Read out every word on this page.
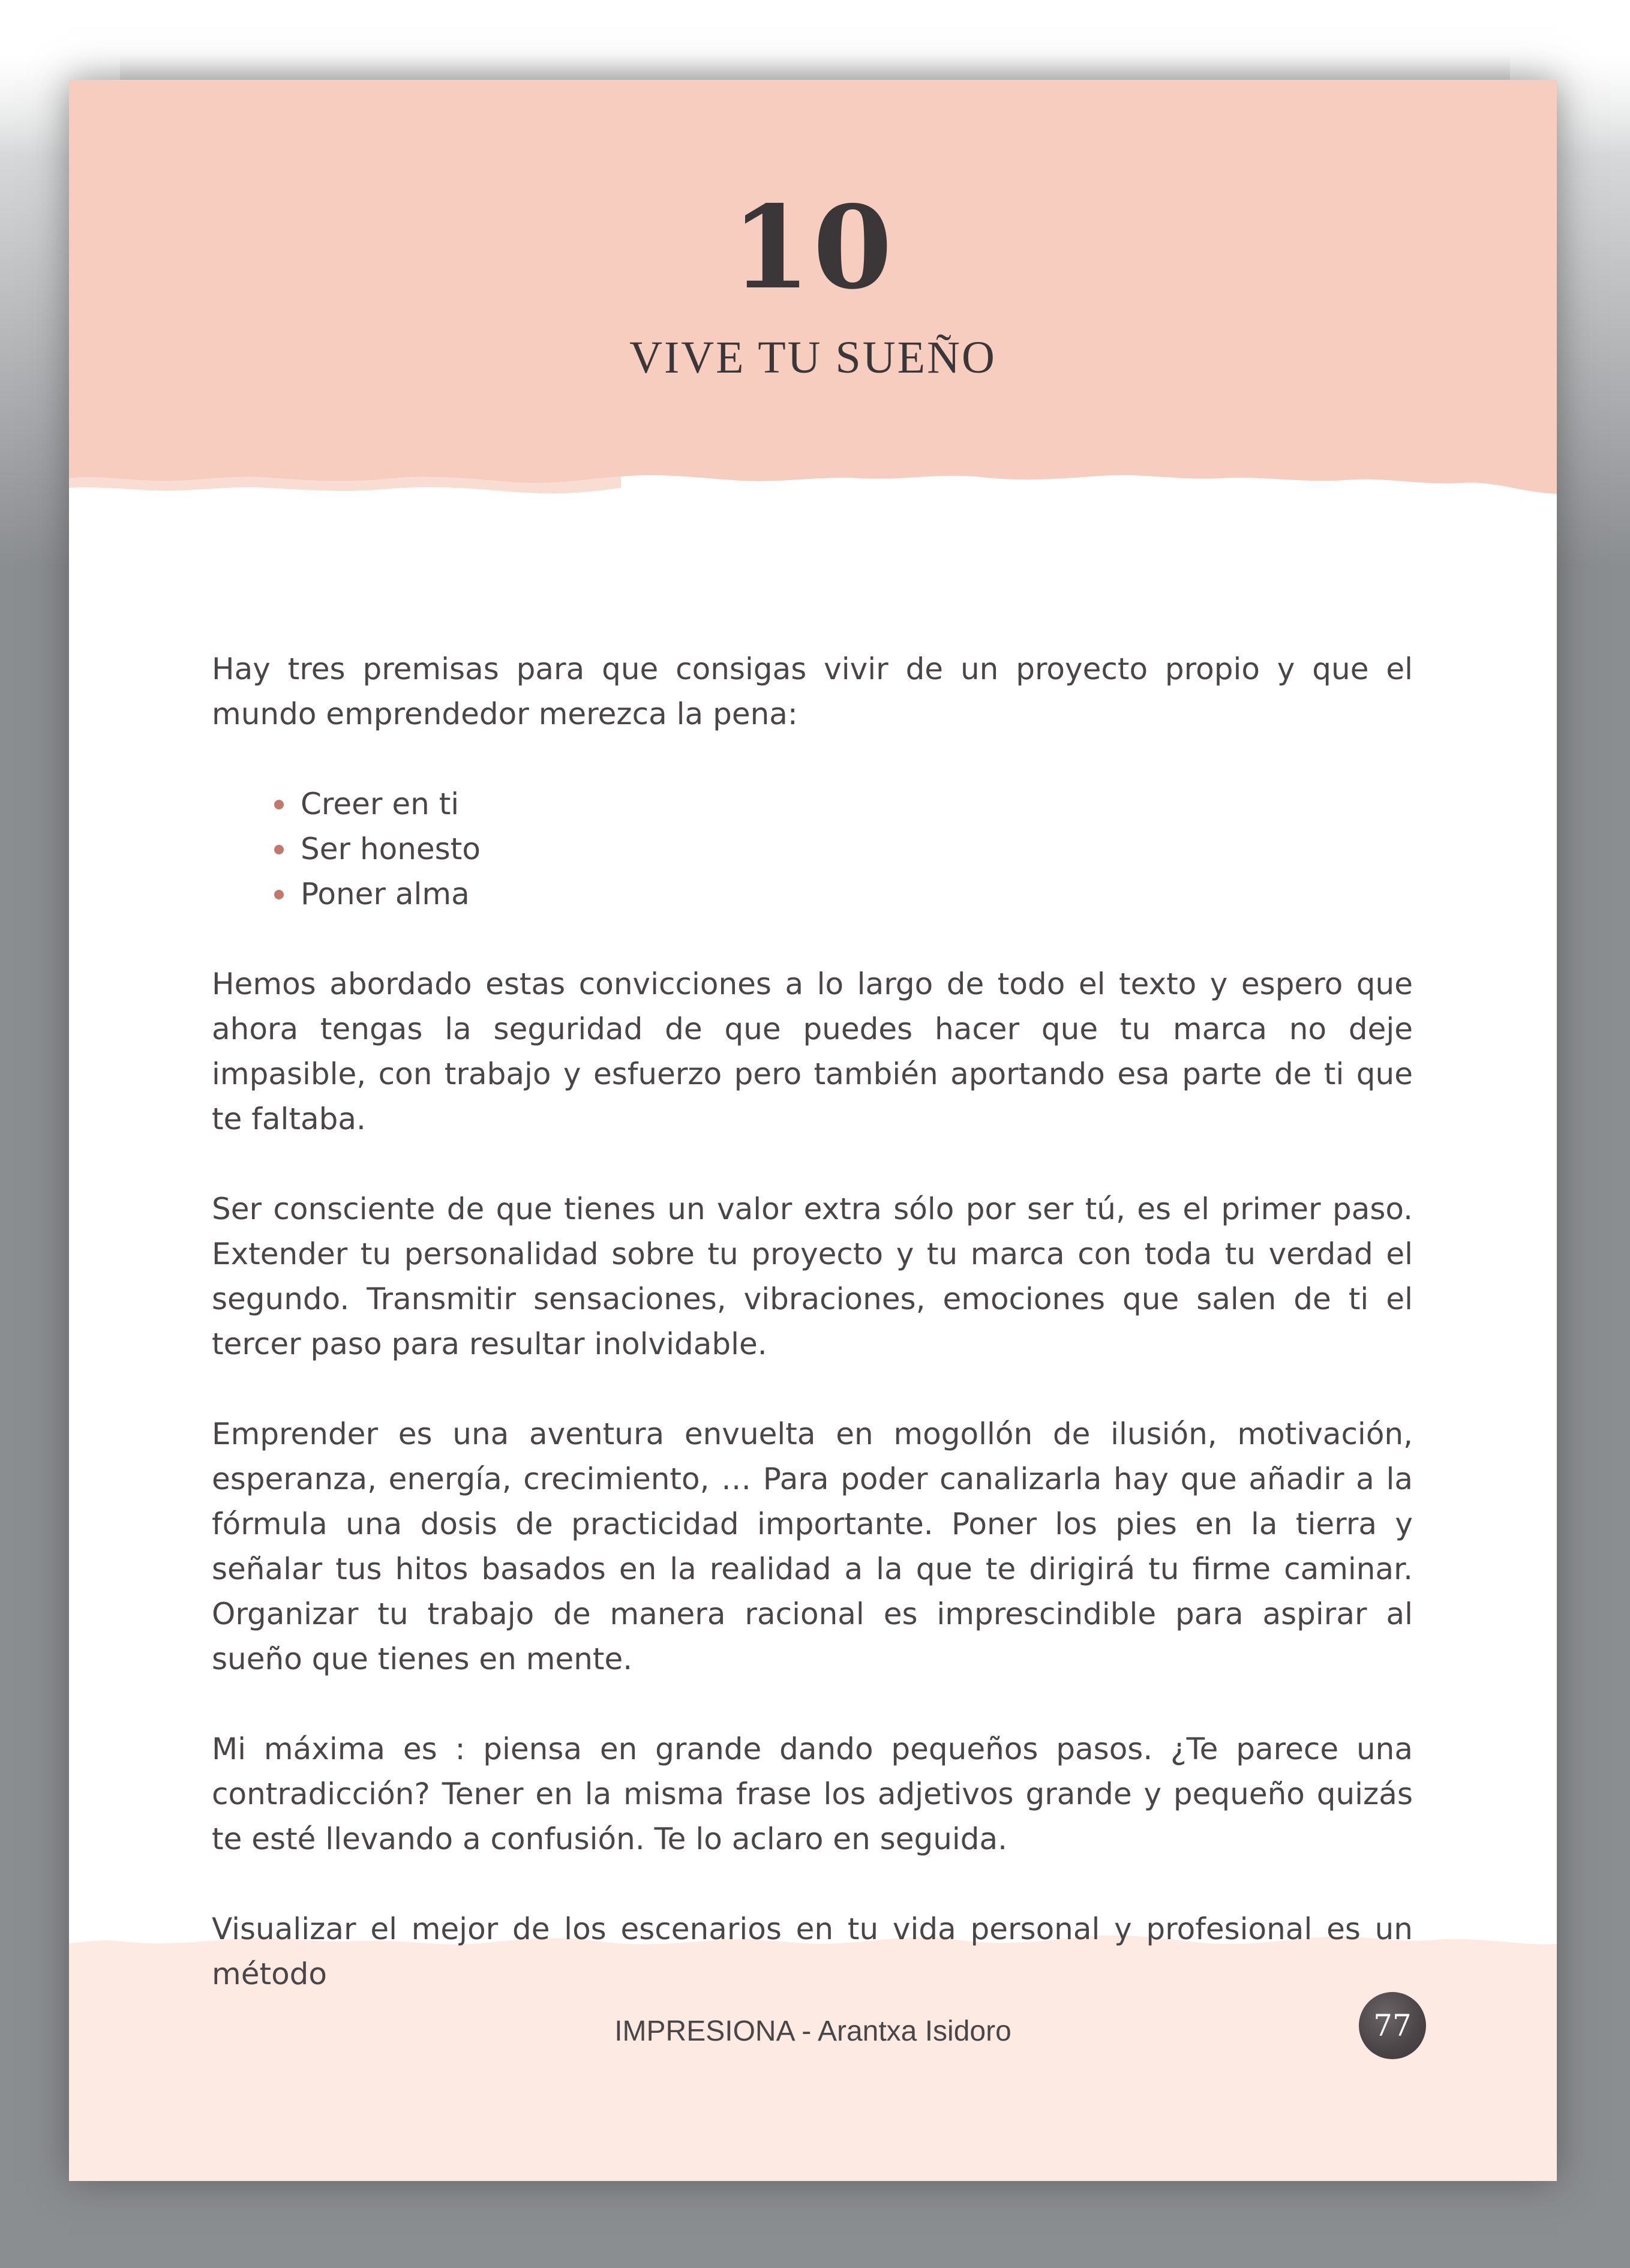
10
VIVE TU SUEÑO

Hay tres premisas para que consigas vivir de un proyecto propio y que el mundo emprendedor merezca la pena:

Creer en ti
Ser honesto
Poner alma

Hemos abordado estas convicciones a lo largo de todo el texto y espero que ahora tengas la seguridad de que puedes hacer que tu marca no deje impasible, con trabajo y esfuerzo pero también aportando esa parte de ti que te faltaba.

Ser consciente de que tienes un valor extra sólo por ser tú, es el primer paso. Extender tu personalidad sobre tu proyecto y tu marca con toda tu verdad el segundo. Transmitir sensaciones, vibraciones, emociones que salen de ti el tercer paso para resultar inolvidable.

Emprender es una aventura envuelta en mogollón de ilusión, motivación, esperanza, energía, crecimiento, … Para poder canalizarla hay que añadir a la fórmula una dosis de practicidad importante. Poner los pies en la tierra y señalar tus hitos basados en la realidad a la que te dirigirá tu firme caminar. Organizar tu trabajo de manera racional es imprescindible para aspirar al sueño que tienes en mente.

Mi máxima es : piensa en grande dando pequeños pasos. ¿Te parece una contradicción? Tener en la misma frase los adjetivos grande y pequeño quizás te esté llevando a confusión. Te lo aclaro en seguida.

Visualizar el mejor de los escenarios en tu vida personal y profesional es un método

IMPRESIONA - Arantxa Isidoro	77
